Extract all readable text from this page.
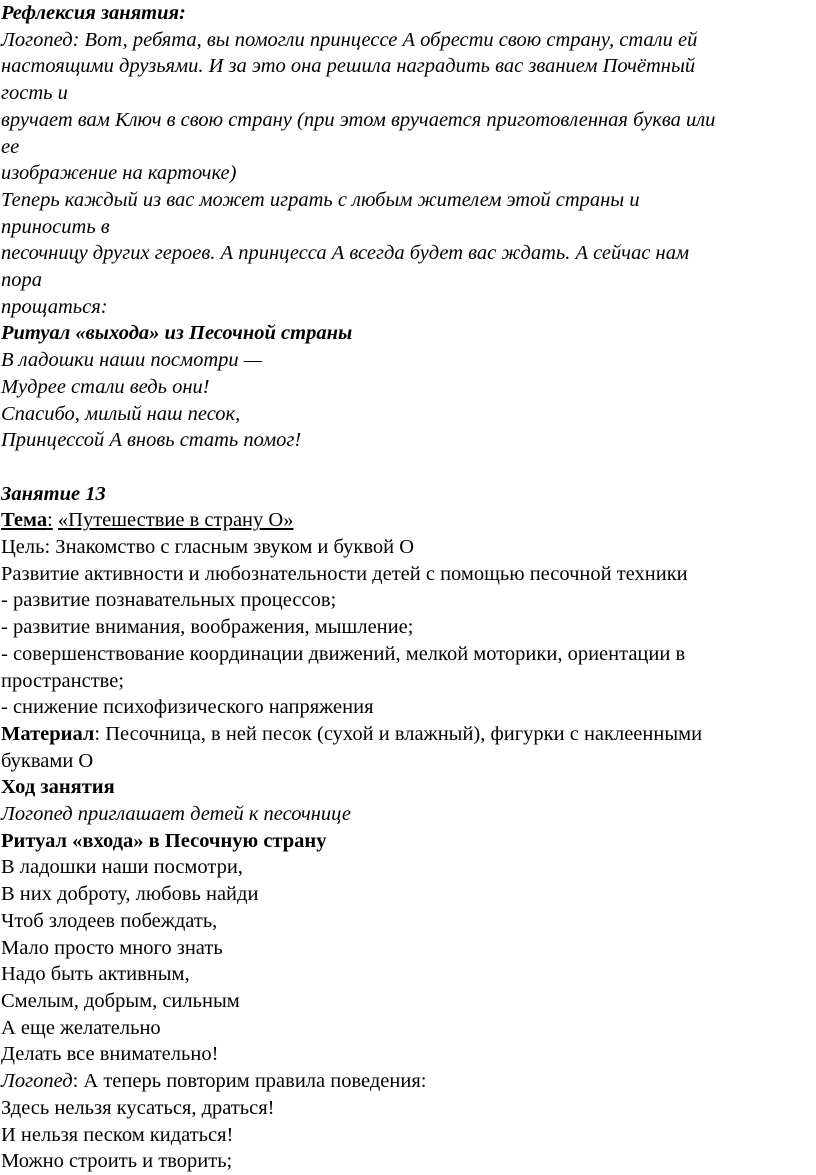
Рефлексия занятия:
Логопед: Вот, ребята, вы помогли принцессе А обрести свою страну, стали ей
настоящими друзьями. И за это она решила наградить вас званием Почётный
гость и
вручает вам Ключ в свою страну (при этом вручается приготовленная буква или
ее
изображение на карточке)
Теперь каждый из вас может играть с любым жителем этой страны и
приносить в
песочницу других героев. А принцесса А всегда будет вас ждать. А сейчас нам
пора
прощаться:
Ритуал «выхода» из Песочной страны
В ладошки наши посмотри —
Мудрее стали ведь они!
Спасибо, милый наш песок,
Принцессой А вновь стать помог!
Занятие 13
Тема: «Путешествие в страну О»
Цель: Знакомство с гласным звуком и буквой О
Развитие активности и любознательности детей с помощью песочной техники
- развитие познавательных процессов;
- развитие внимания, воображения, мышление;
- совершенствование координации движений, мелкой моторики, ориентации в
пространстве;
- снижение психофизического напряжения
Материал: Песочница, в ней песок (сухой и влажный), фигурки с наклеенными
буквами О
Ход занятия
Логопед приглашает детей к песочнице
Ритуал «входа» в Песочную страну
В ладошки наши посмотри,
В них доброту, любовь найди
Чтоб злодеев побеждать,
Мало просто много знать
Надо быть активным,
Смелым, добрым, сильным
А еще желательно
Делать все внимательно!
Логопед: А теперь повторим правила поведения:
Здесь нельзя кусаться, драться!
И нельзя песком кидаться!
Можно строить и творить;
